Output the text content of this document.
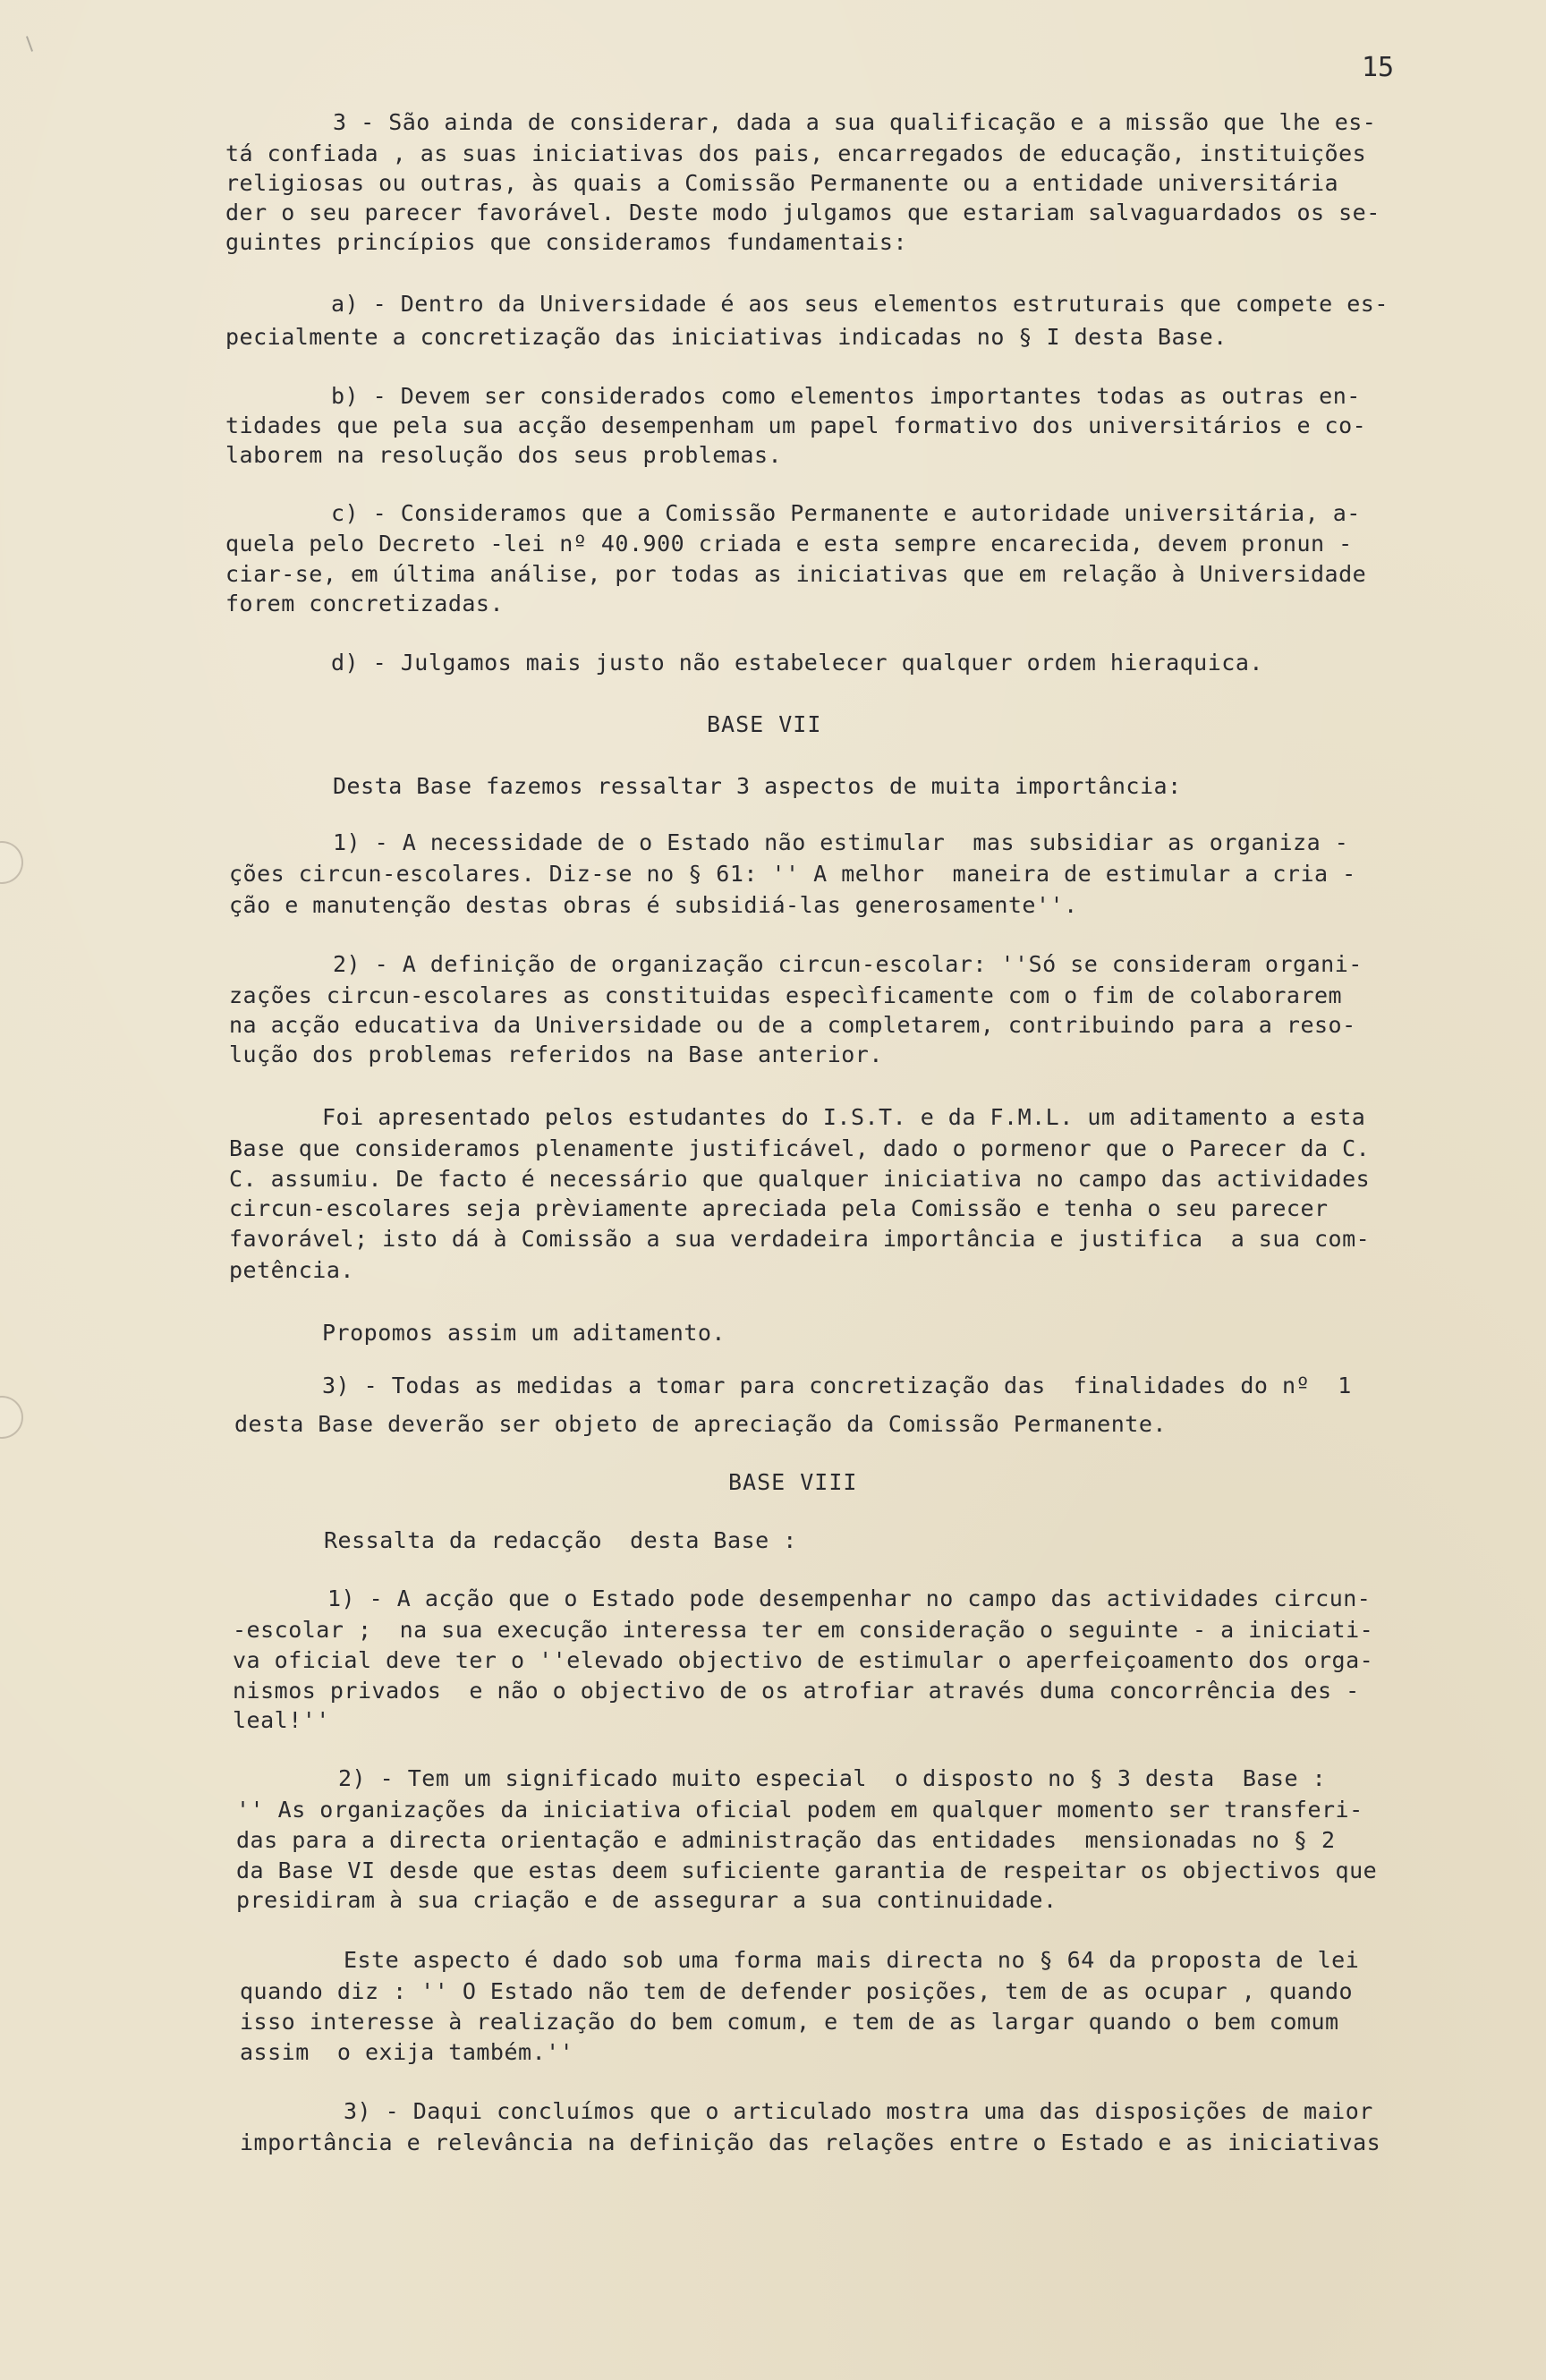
15
3 - São ainda de considerar, dada a sua qualificação e a missão que lhe es-
tá confiada , as suas iniciativas dos pais, encarregados de educação, instituições
religiosas ou outras, às quais a Comissão Permanente ou a entidade universitária
der o seu parecer favorável. Deste modo julgamos que estariam salvaguardados os se-
guintes princípios que consideramos fundamentais:
a) - Dentro da Universidade é aos seus elementos estruturais que compete es-
pecialmente a concretização das iniciativas indicadas no § I desta Base.
b) - Devem ser considerados como elementos importantes todas as outras en-
tidades que pela sua acção desempenham um papel formativo dos universitários e co-
laborem na resolução dos seus problemas.
c) - Consideramos que a Comissão Permanente e autoridade universitária, a-
quela pelo Decreto -lei nº 40.900 criada e esta sempre encarecida, devem pronun -
ciar-se, em última análise, por todas as iniciativas que em relação à Universidade
forem concretizadas.
d) - Julgamos mais justo não estabelecer qualquer ordem hieraquica.
BASE VII
Desta Base fazemos ressaltar 3 aspectos de muita importância:
1) - A necessidade de o Estado não estimular  mas subsidiar as organiza -
ções circun-escolares. Diz-se no § 61: '' A melhor  maneira de estimular a cria -
ção e manutenção destas obras é subsidiá-las generosamente''.
2) - A definição de organização circun-escolar: ''Só se consideram organi-
zações circun-escolares as constituidas especìficamente com o fim de colaborarem
na acção educativa da Universidade ou de a completarem, contribuindo para a reso-
lução dos problemas referidos na Base anterior.
Foi apresentado pelos estudantes do I.S.T. e da F.M.L. um aditamento a esta
Base que consideramos plenamente justificável, dado o pormenor que o Parecer da C.
C. assumiu. De facto é necessário que qualquer iniciativa no campo das actividades
circun-escolares seja prèviamente apreciada pela Comissão e tenha o seu parecer
favorável; isto dá à Comissão a sua verdadeira importância e justifica  a sua com-
petência.
Propomos assim um aditamento.
3) - Todas as medidas a tomar para concretização das  finalidades do nº  1
desta Base deverão ser objeto de apreciação da Comissão Permanente.
BASE VIII
Ressalta da redacção  desta Base :
1) - A acção que o Estado pode desempenhar no campo das actividades circun-
-escolar ;  na sua execução interessa ter em consideração o seguinte - a iniciati-
va oficial deve ter o ''elevado objectivo de estimular o aperfeiçoamento dos orga-
nismos privados  e não o objectivo de os atrofiar através duma concorrência des -
leal!''
2) - Tem um significado muito especial  o disposto no § 3 desta  Base :
'' As organizações da iniciativa oficial podem em qualquer momento ser transferi-
das para a directa orientação e administração das entidades  mensionadas no § 2
da Base VI desde que estas deem suficiente garantia de respeitar os objectivos que
presidiram à sua criação e de assegurar a sua continuidade.
Este aspecto é dado sob uma forma mais directa no § 64 da proposta de lei
quando diz : '' O Estado não tem de defender posições, tem de as ocupar , quando
isso interesse à realização do bem comum, e tem de as largar quando o bem comum
assim  o exija também.''
3) - Daqui concluímos que o articulado mostra uma das disposições de maior
importância e relevância na definição das relações entre o Estado e as iniciativas
